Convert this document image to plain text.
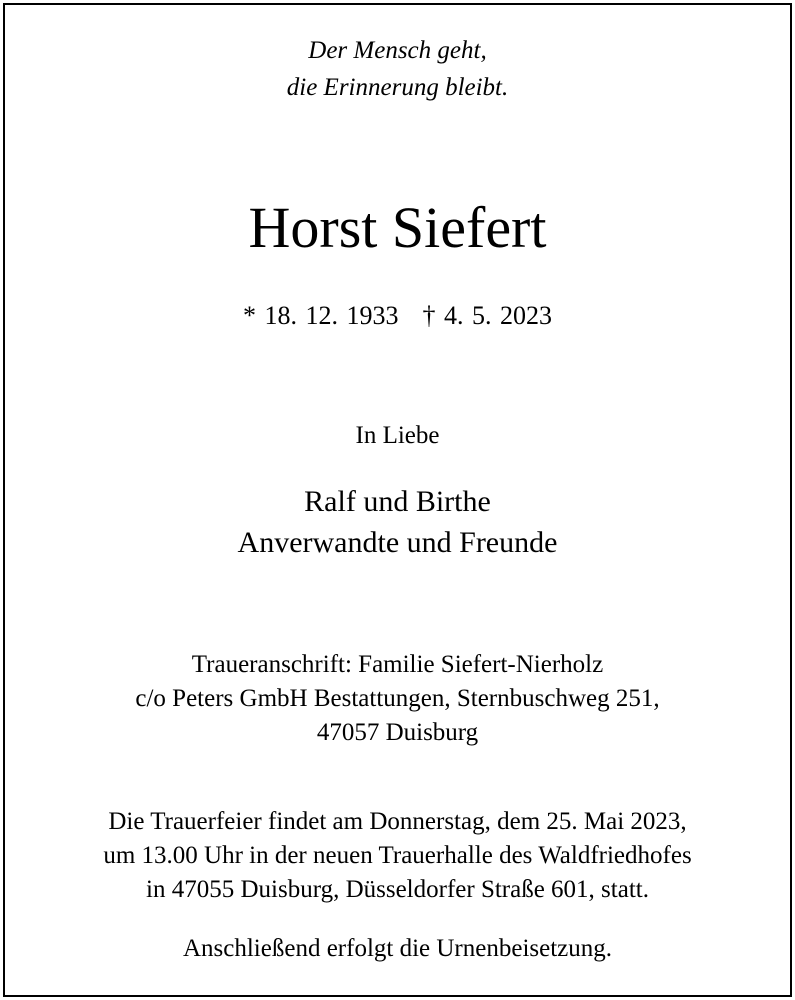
Der Mensch geht,
die Erinnerung bleibt.
Horst Siefert
* 18. 12. 1933 † 4. 5. 2023
In Liebe
Ralf und Birthe
Anverwandte und Freunde
Traueranschrift: Familie Siefert-Nierholz
c/o Peters GmbH Bestattungen, Sternbuschweg 251,
47057 Duisburg
Die Trauerfeier findet am Donnerstag, dem 25. Mai 2023,
um 13.00 Uhr in der neuen Trauerhalle des Waldfriedhofes
in 47055 Duisburg, Düsseldorfer Straße 601, statt.
Anschließend erfolgt die Urnenbeisetzung.
